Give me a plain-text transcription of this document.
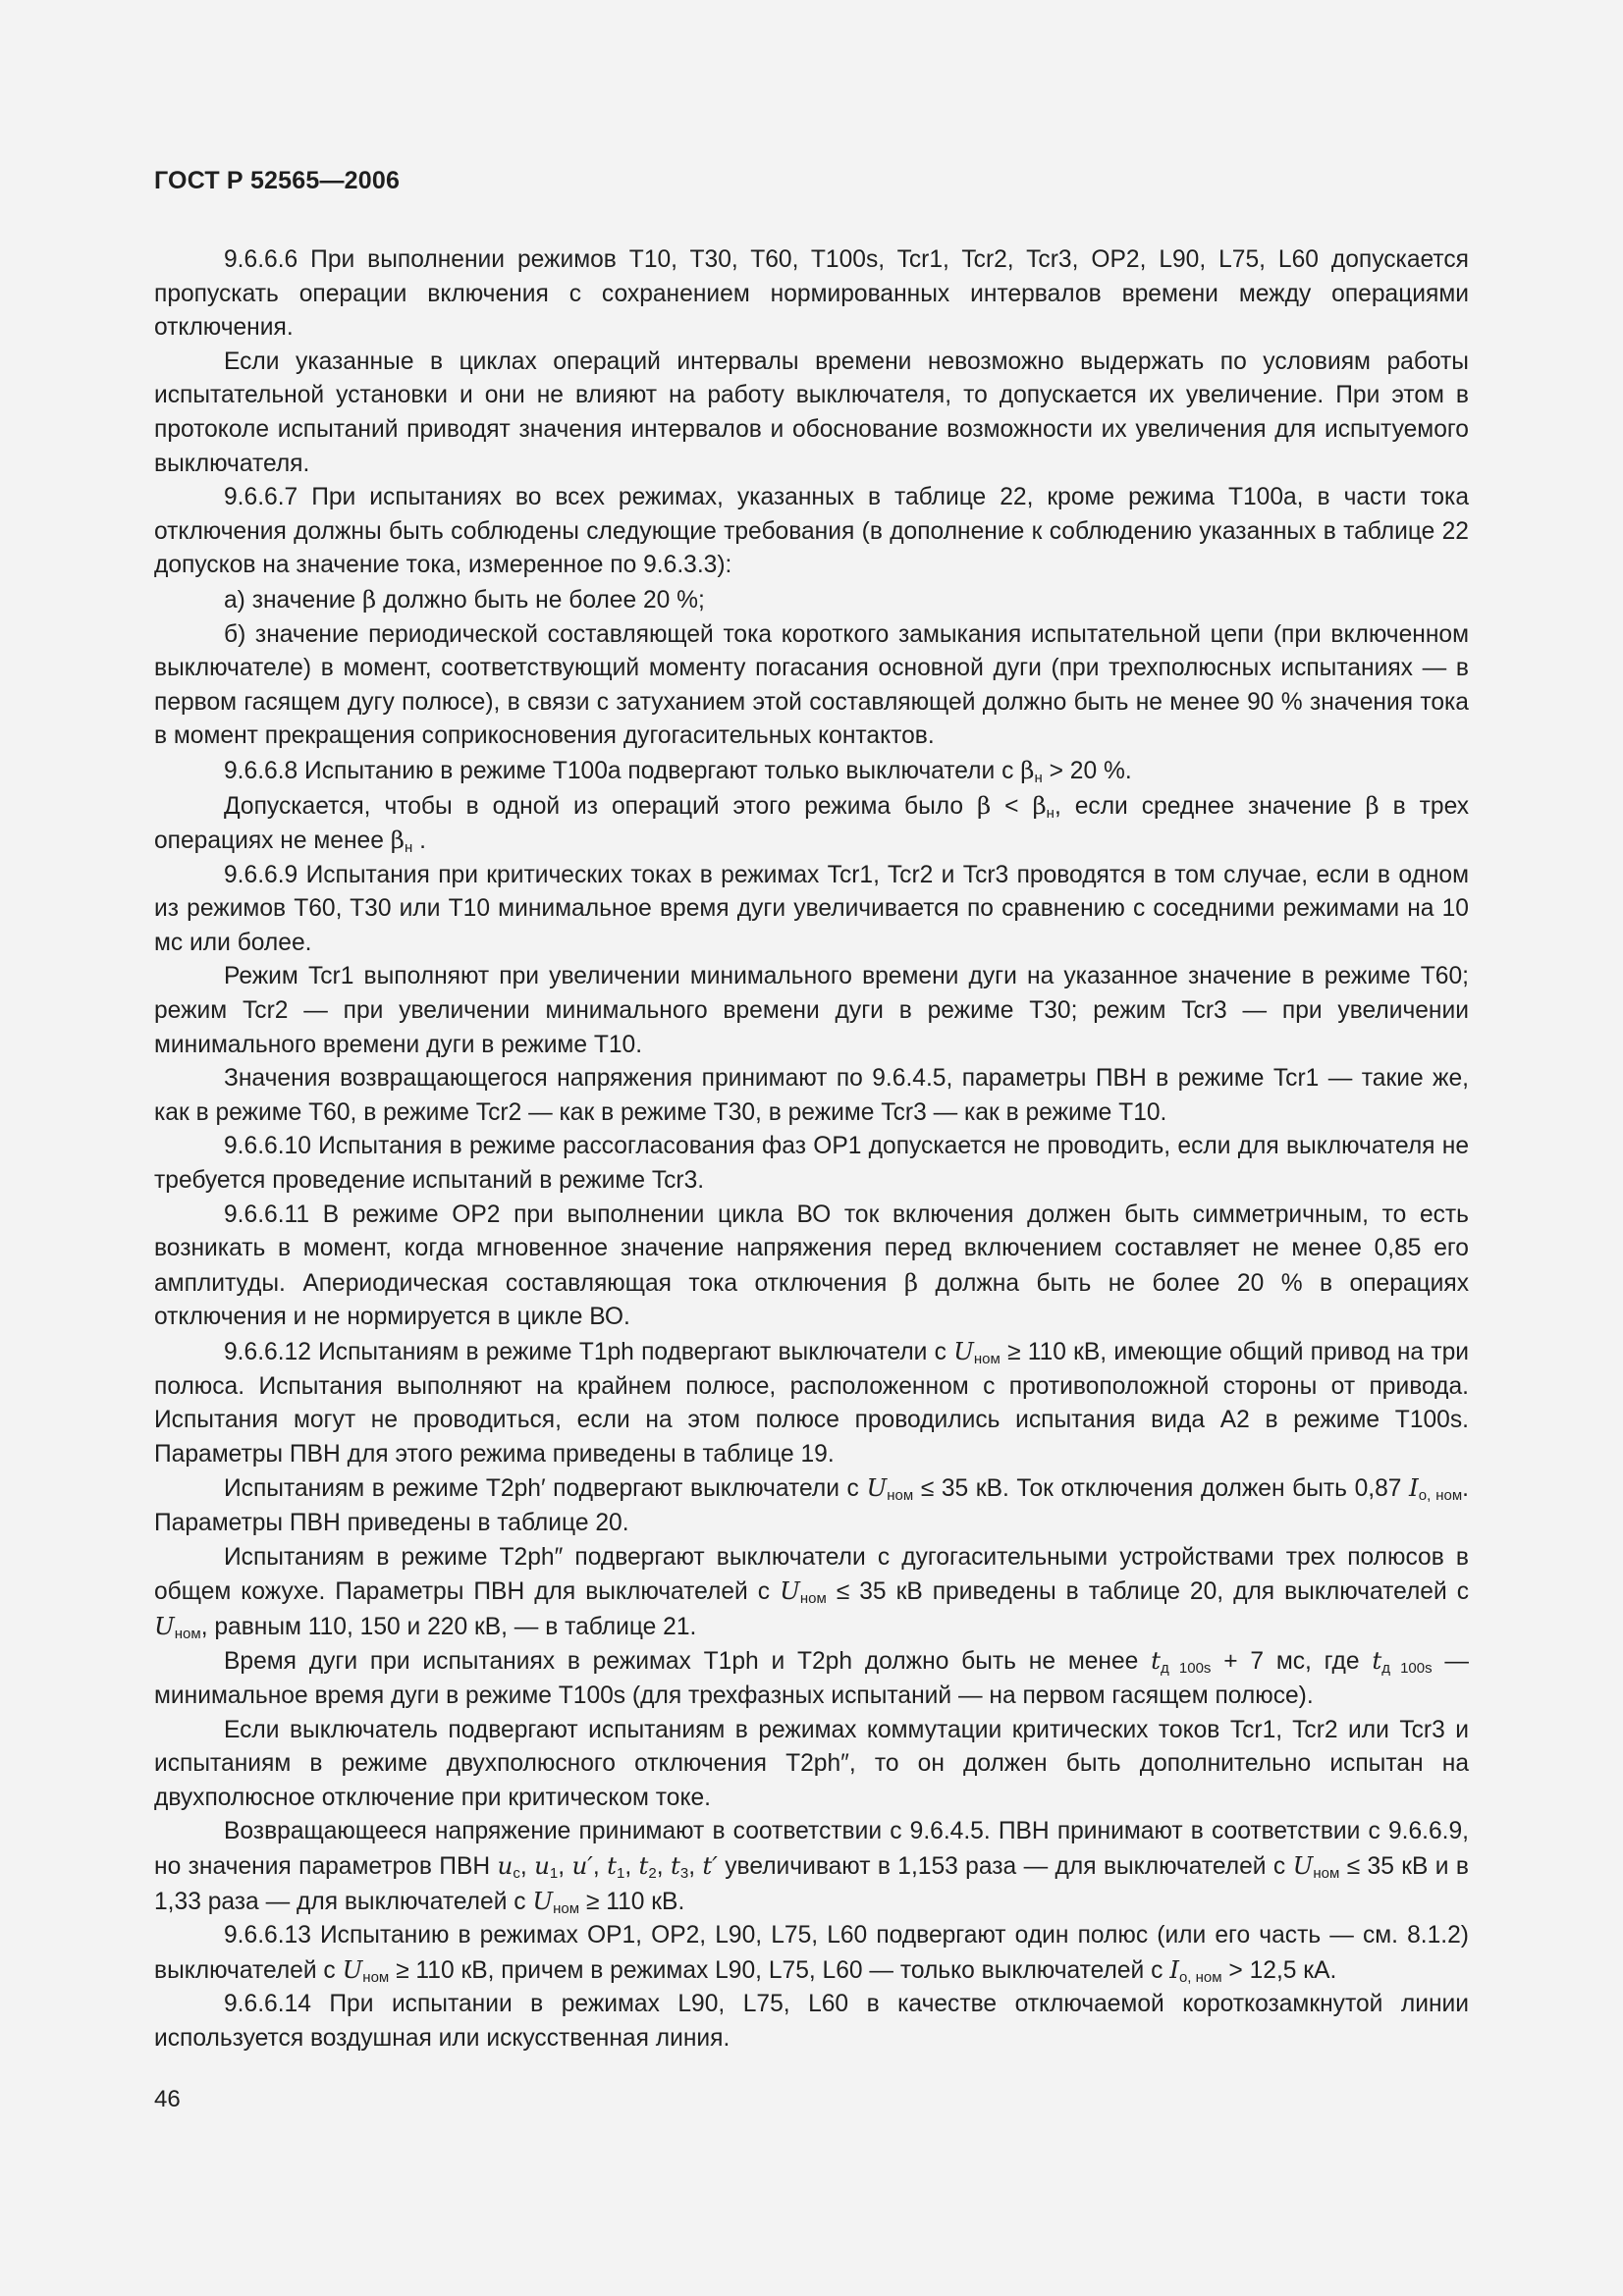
ГОСТ Р 52565—2006

9.6.6.6 При выполнении режимов T10, T30, T60, T100s, Tcr1, Tcr2, Tcr3, OP2, L90, L75, L60 допускается пропускать операции включения с сохранением нормированных интервалов времени между операциями отключения.

Если указанные в циклах операций интервалы времени невозможно выдержать по условиям работы испытательной установки и они не влияют на работу выключателя, то допускается их увеличение. При этом в протоколе испытаний приводят значения интервалов и обоснование возможности их увеличения для испытуемого выключателя.

9.6.6.7 При испытаниях во всех режимах, указанных в таблице 22, кроме режима T100a, в части тока отключения должны быть соблюдены следующие требования (в дополнение к соблюдению указанных в таблице 22 допусков на значение тока, измеренное по 9.6.3.3):

а) значение β должно быть не более 20 %;

б) значение периодической составляющей тока короткого замыкания испытательной цепи (при включенном выключателе) в момент, соответствующий моменту погасания основной дуги (при трехполюсных испытаниях — в первом гасящем дугу полюсе), в связи с затуханием этой составляющей должно быть не менее 90 % значения тока в момент прекращения соприкосновения дугогасительных контактов.

9.6.6.8 Испытанию в режиме T100a подвергают только выключатели с $\beta_н > 20$ %.

Допускается, чтобы в одной из операций этого режима было $\beta < \beta_н$, если среднее значение β в трех операциях не менее $\beta_н$ .

9.6.6.9 Испытания при критических токах в режимах Tcr1, Tcr2 и Tcr3 проводятся в том случае, если в одном из режимов T60, T30 или T10 минимальное время дуги увеличивается по сравнению с соседними режимами на 10 мс или более.

Режим Tcr1 выполняют при увеличении минимального времени дуги на указанное значение в режиме T60; режим Tcr2 — при увеличении минимального времени дуги в режиме T30; режим Tcr3 — при увеличении минимального времени дуги в режиме T10.

Значения возвращающегося напряжения принимают по 9.6.4.5, параметры ПВН в режиме Tcr1 — такие же, как в режиме T60, в режиме Tcr2 — как в режиме T30, в режиме Tcr3 — как в режиме T10.

9.6.6.10 Испытания в режиме рассогласования фаз OP1 допускается не проводить, если для выключателя не требуется проведение испытаний в режиме Tcr3.

9.6.6.11 В режиме OP2 при выполнении цикла ВО ток включения должен быть симметричным, то есть возникать в момент, когда мгновенное значение напряжения перед включением составляет не менее 0,85 его амплитуды. Апериодическая составляющая тока отключения β должна быть не более 20 % в операциях отключения и не нормируется в цикле ВО.

9.6.6.12 Испытаниям в режиме T1ph подвергают выключатели с $U_{ном} \ge 110$ кВ, имеющие общий привод на три полюса. Испытания выполняют на крайнем полюсе, расположенном с противоположной стороны от привода. Испытания могут не проводиться, если на этом полюсе проводились испытания вида A2 в режиме T100s. Параметры ПВН для этого режима приведены в таблице 19.

Испытаниям в режиме T2ph′ подвергают выключатели с $U_{ном} \le 35$ кВ. Ток отключения должен быть 0,87 $I_{о, ном}$. Параметры ПВН приведены в таблице 20.

Испытаниям в режиме T2ph″ подвергают выключатели с дугогасительными устройствами трех полюсов в общем кожухе. Параметры ПВН для выключателей с $U_{ном} \le 35$ кВ приведены в таблице 20, для выключателей с $U_{ном}$, равным 110, 150 и 220 кВ, — в таблице 21.

Время дуги при испытаниях в режимах T1ph и T2ph должно быть не менее $t_{д 100s} + 7$ мс, где $t_{д 100s}$ — минимальное время дуги в режиме T100s (для трехфазных испытаний — на первом гасящем полюсе).

Если выключатель подвергают испытаниям в режимах коммутации критических токов Tcr1, Tcr2 или Tcr3 и испытаниям в режиме двухполюсного отключения T2ph″, то он должен быть дополнительно испытан на двухполюсное отключение при критическом токе.

Возвращающееся напряжение принимают в соответствии с 9.6.4.5. ПВН принимают в соответствии с 9.6.6.9, но значения параметров ПВН $u_с$, $u_1$, u′, $t_1$, $t_2$, $t_3$, t′ увеличивают в 1,153 раза — для выключателей с $U_{ном} \le 35$ кВ и в 1,33 раза — для выключателей с $U_{ном} \ge 110$ кВ.

9.6.6.13 Испытанию в режимах OP1, OP2, L90, L75, L60 подвергают один полюс (или его часть — см. 8.1.2) выключателей с $U_{ном} \ge 110$ кВ, причем в режимах L90, L75, L60 — только выключателей с $I_{о, ном} > 12,5$ кА.

9.6.6.14 При испытании в режимах L90, L75, L60 в качестве отключаемой короткозамкнутой линии используется воздушная или искусственная линия.

46
